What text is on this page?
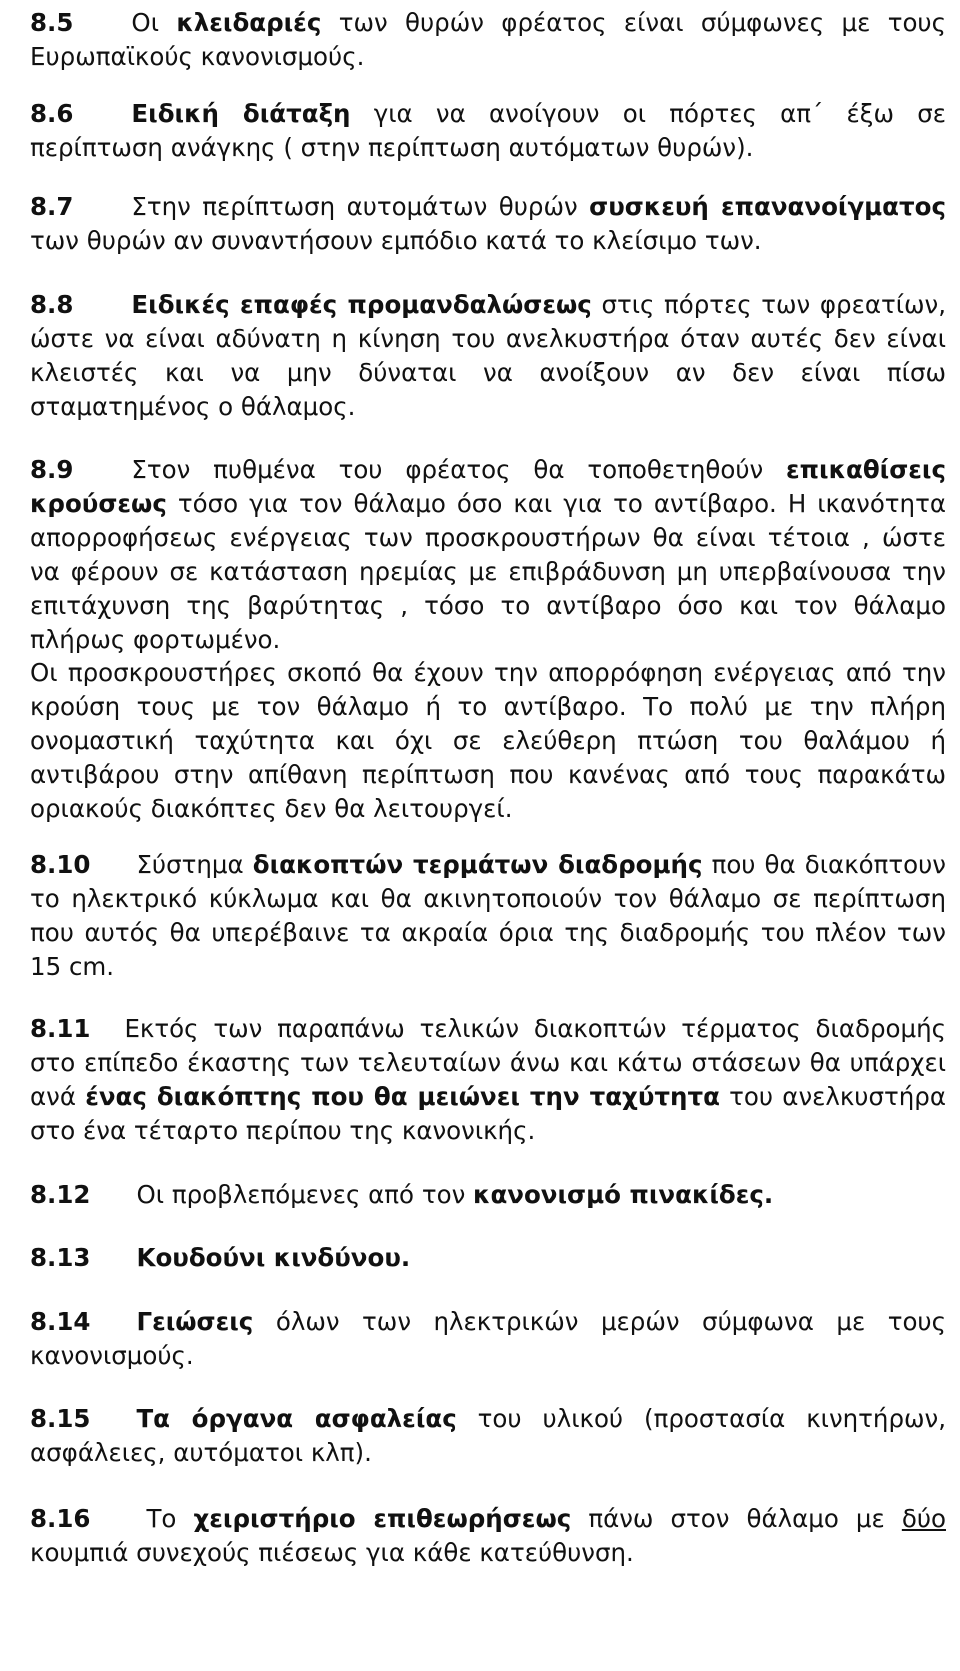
8.5 Οι κλειδαριές των θυρών φρέατος είναι σύμφωνες με τους Ευρωπαϊκούς κανονισμούς.

8.6 Ειδική διάταξη για να ανοίγουν οι πόρτες απ΄ έξω σε περίπτωση ανάγκης ( στην περίπτωση αυτόματων θυρών).

8.7 Στην περίπτωση αυτομάτων θυρών συσκευή επανανοίγματος των θυρών αν συναντήσουν εμπόδιο κατά το κλείσιμο των.

8.8 Ειδικές επαφές προμανδαλώσεως στις πόρτες των φρεατίων, ώστε να είναι αδύνατη η κίνηση του ανελκυστήρα όταν αυτές δεν είναι κλειστές και να μην δύναται να ανοίξουν αν δεν είναι πίσω σταματημένος ο θάλαμος.

8.9 Στον πυθμένα του φρέατος θα τοποθετηθούν επικαθίσεις κρούσεως τόσο για τον θάλαμο όσο και για το αντίβαρο. Η ικανότητα απορροφήσεως ενέργειας των προσκρουστήρων θα είναι τέτοια , ώστε να φέρουν σε κατάσταση ηρεμίας με επιβράδυνση μη υπερβαίνουσα την επιτάχυνση της βαρύτητας , τόσο το αντίβαρο όσο και τον θάλαμο πλήρως φορτωμένο.

Οι προσκρουστήρες σκοπό θα έχουν την απορρόφηση ενέργειας από την κρούση τους με τον θάλαμο ή το αντίβαρο. Το πολύ με την πλήρη ονομαστική ταχύτητα και όχι σε ελεύθερη πτώση του θαλάμου ή αντιβάρου στην απίθανη περίπτωση που κανένας από τους παρακάτω οριακούς διακόπτες δεν θα λειτουργεί.

8.10 Σύστημα διακοπτών τερμάτων διαδρομής που θα διακόπτουν το ηλεκτρικό κύκλωμα και θα ακινητοποιούν τον θάλαμο σε περίπτωση που αυτός θα υπερέβαινε τα ακραία όρια της διαδρομής του πλέον των 15 cm.

8.11 Εκτός των παραπάνω τελικών διακοπτών τέρματος διαδρομής στο επίπεδο έκαστης των τελευταίων άνω και κάτω στάσεων θα υπάρχει ανά ένας διακόπτης που θα μειώνει την ταχύτητα του ανελκυστήρα στο ένα τέταρτο περίπου της κανονικής.

8.12 Οι προβλεπόμενες από τον κανονισμό πινακίδες.

8.13 Κουδούνι κινδύνου.

8.14 Γειώσεις όλων των ηλεκτρικών μερών σύμφωνα με τους κανονισμούς.

8.15 Τα όργανα ασφαλείας του υλικού (προστασία κινητήρων, ασφάλειες, αυτόματοι κλπ).

8.16 Το χειριστήριο επιθεωρήσεως πάνω στον θάλαμο με δύο κουμπιά συνεχούς πιέσεως για κάθε κατεύθυνση.
